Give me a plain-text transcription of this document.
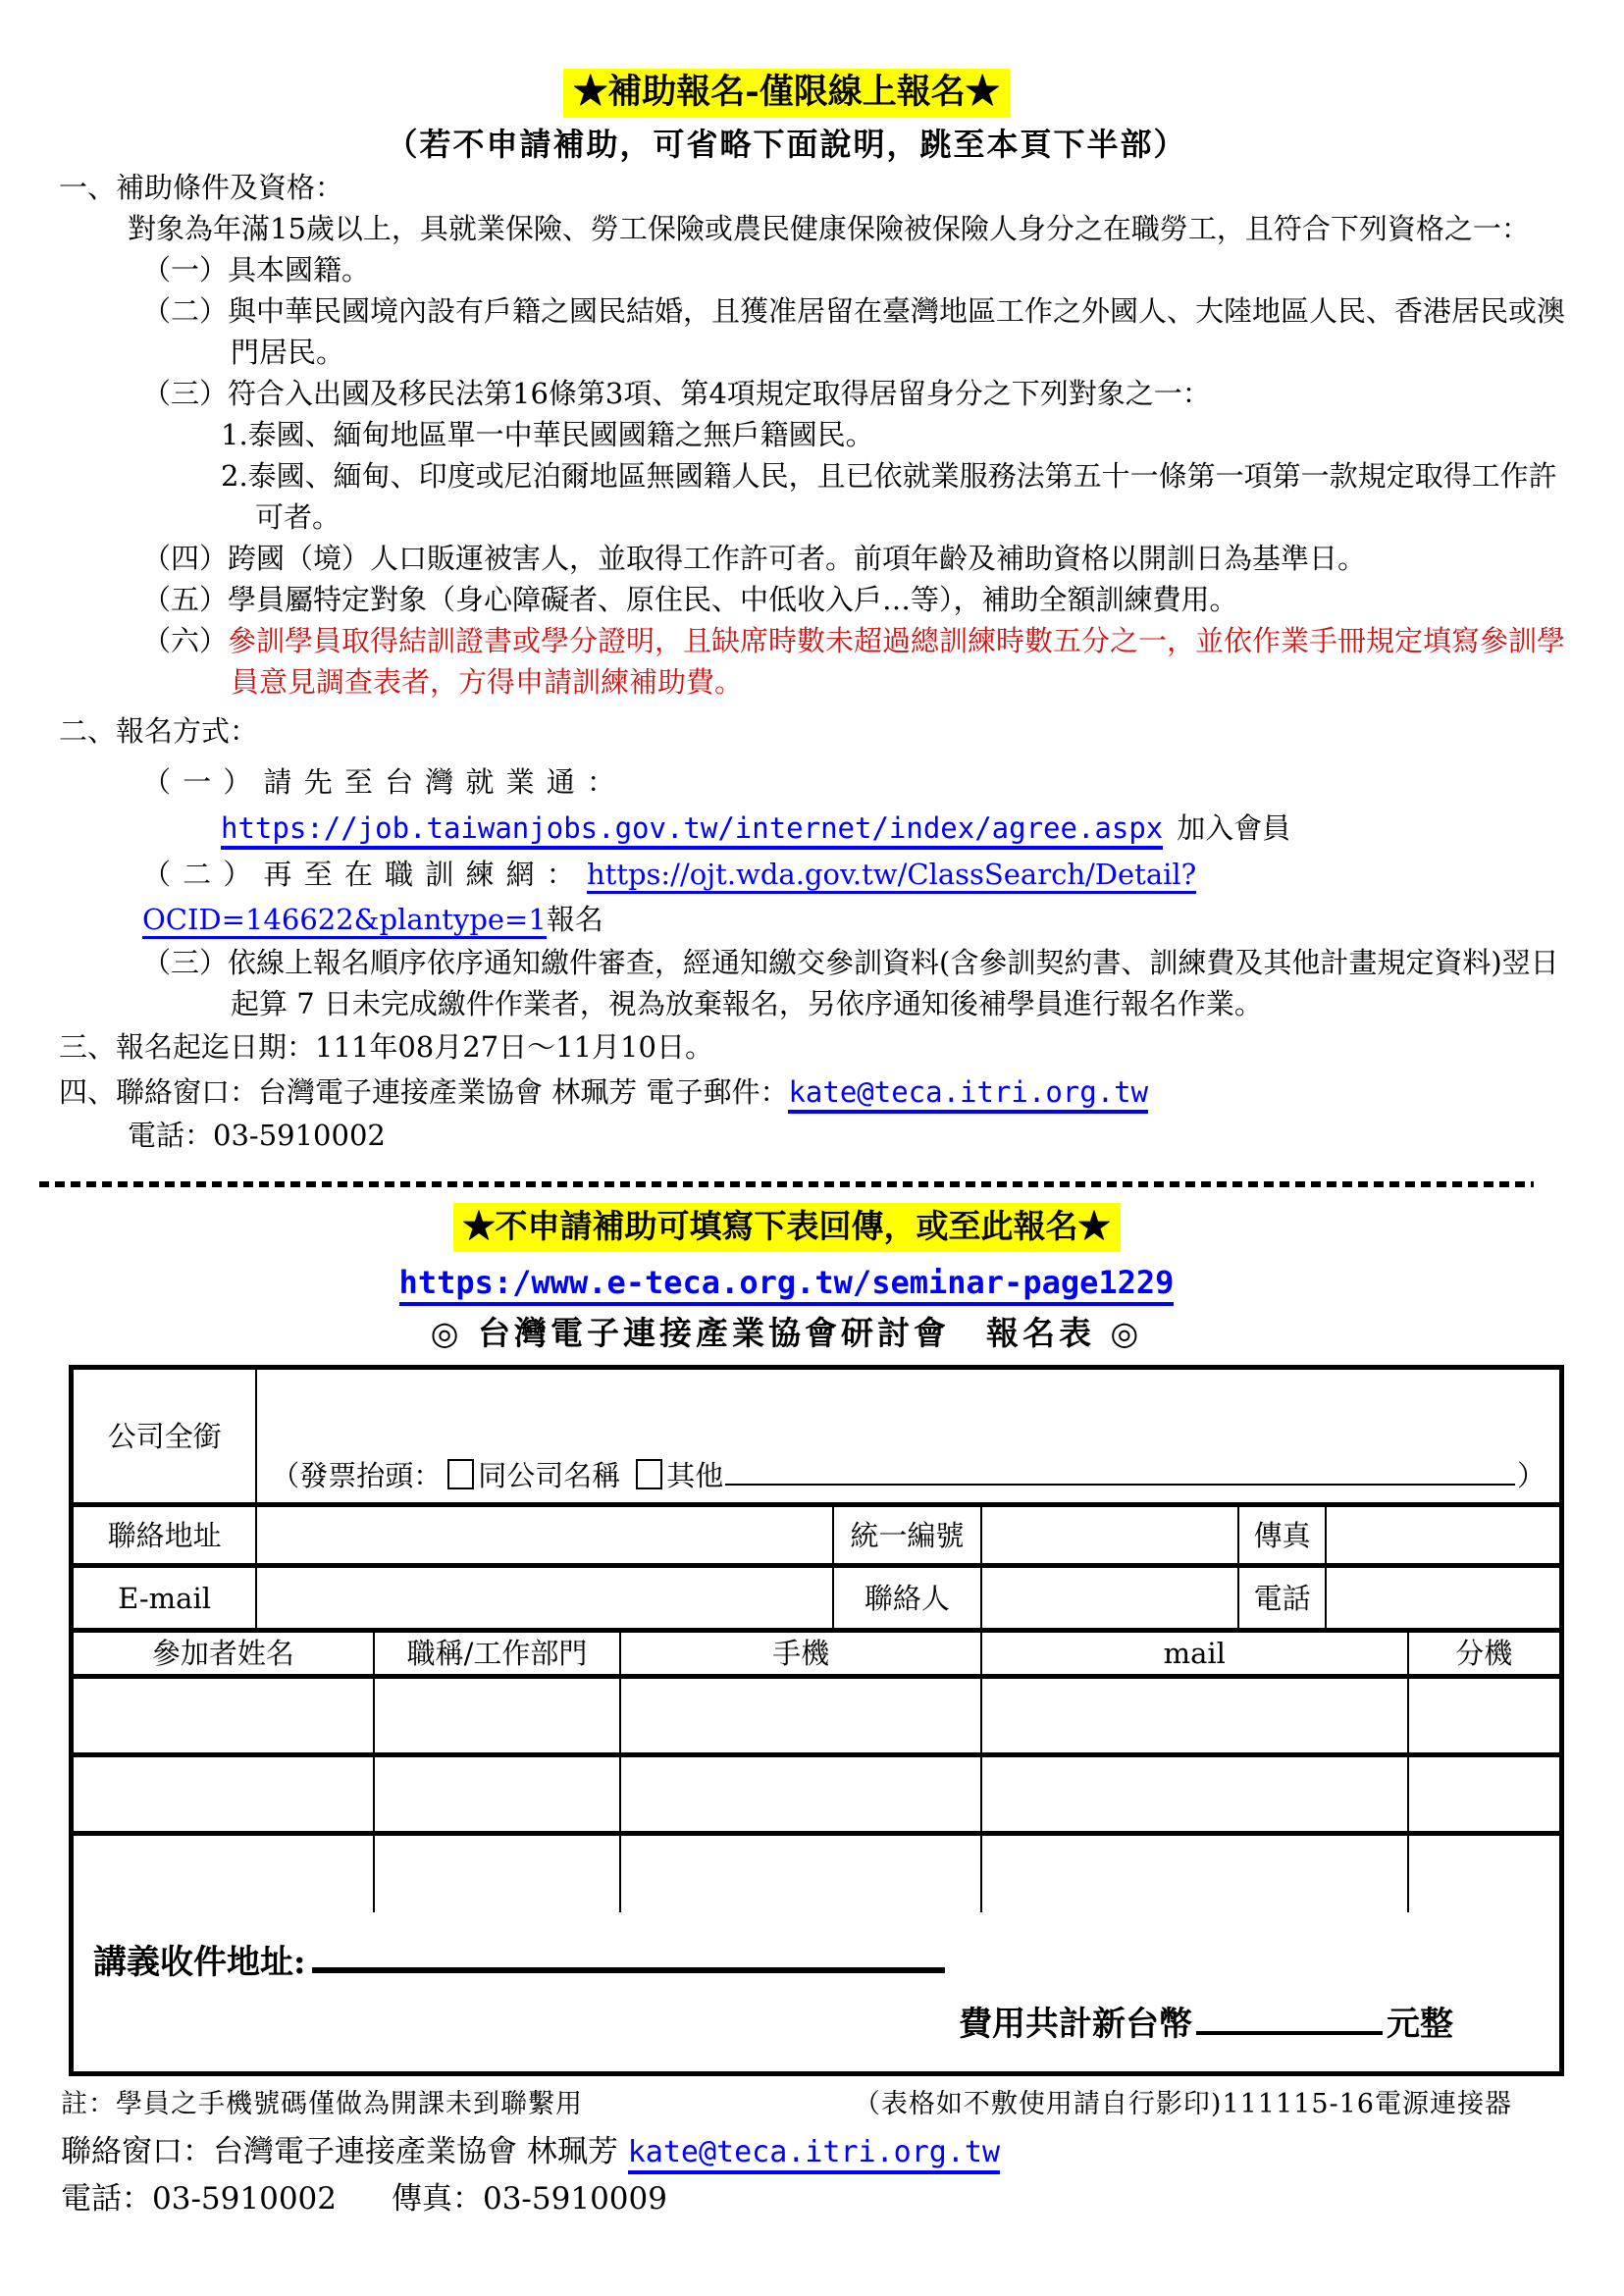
★補助報名-僅限線上報名★
（若不申請補助，可省略下面說明，跳至本頁下半部）
一、補助條件及資格：
對象為年滿15歲以上，具就業保險、勞工保險或農民健康保險被保險人身分之在職勞工，且符合下列資格之一：
（一）具本國籍。
（二）與中華民國境內設有戶籍之國民結婚，且獲准居留在臺灣地區工作之外國人、大陸地區人民、香港居民或澳門居民。
（三）符合入出國及移民法第16條第3項、第4項規定取得居留身分之下列對象之一：
1.泰國、緬甸地區單一中華民國國籍之無戶籍國民。
2.泰國、緬甸、印度或尼泊爾地區無國籍人民，且已依就業服務法第五十一條第一項第一款規定取得工作許可者。
（四）跨國（境）人口販運被害人，並取得工作許可者。前項年齡及補助資格以開訓日為基準日。
（五）學員屬特定對象（身心障礙者、原住民、中低收入戶…等），補助全額訓練費用。
（六）參訓學員取得結訓證書或學分證明，且缺席時數未超過總訓練時數五分之一，並依作業手冊規定填寫參訓學員意見調查表者，方得申請訓練補助費。
二、報名方式：
（一）請先至台灣就業通：
https://job.taiwanjobs.gov.tw/internet/index/agree.aspx 加入會員
（二）再至在職訓練網：https://ojt.wda.gov.tw/ClassSearch/Detail?OCID=146622&plantype=1報名
（三）依線上報名順序依序通知繳件審查，經通知繳交參訓資料(含參訓契約書、訓練費及其他計畫規定資料)翌日起算 7 日未完成繳件作業者，視為放棄報名，另依序通知後補學員進行報名作業。
三、報名起迄日期：111年08月27日～11月10日。
四、聯絡窗口：台灣電子連接產業協會 林珮芳 電子郵件：kate@teca.itri.org.tw
電話：03-5910002
★不申請補助可填寫下表回傳，或至此報名★
https:/www.e-teca.org.tw/seminar-page1229
◎ 台灣電子連接產業協會研討會　報名表 ◎
公司全銜	（發票抬頭： 同公司名稱 其他 ）				

聯絡地址		統一編號		傳真	
E-mail		聯絡人		電話	
參加者姓名	職稱/工作部門	手機	mail	分機

講義收件地址:
費用共計新台幣	元整
註：學員之手機號碼僅做為開課未到聯繫用	（表格如不敷使用請自行影印)111115-16電源連接器
聯絡窗口：台灣電子連接產業協會 林珮芳 kate@teca.itri.org.tw
電話：03-5910002 傳真：03-5910009
